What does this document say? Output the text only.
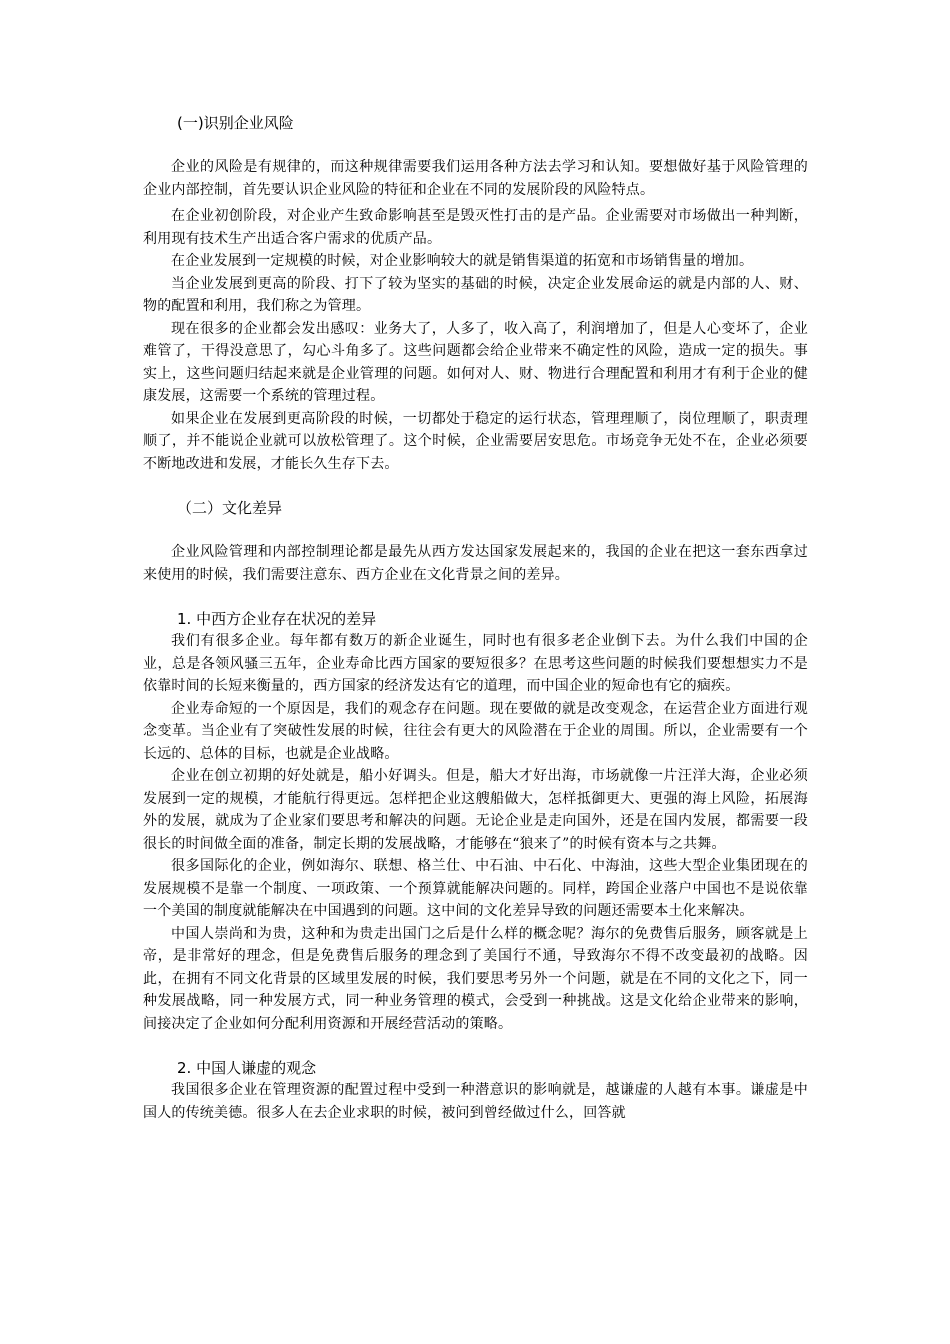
(一)识别企业风险

企业的风险是有规律的，而这种规律需要我们运用各种方法去学习和认知。要想做好基于风险管理的企业内部控制，首先要认识企业风险的特征和企业在不同的发展阶段的风险特点。

在企业初创阶段，对企业产生致命影响甚至是毁灭性打击的是产品。企业需要对市场做出一种判断，利用现有技术生产出适合客户需求的优质产品。

在企业发展到一定规模的时候，对企业影响较大的就是销售渠道的拓宽和市场销售量的增加。

当企业发展到更高的阶段、打下了较为坚实的基础的时候，决定企业发展命运的就是内部的人、财、物的配置和利用，我们称之为管理。

现在很多的企业都会发出感叹：业务大了，人多了，收入高了，利润增加了，但是人心变坏了，企业难管了，干得没意思了，勾心斗角多了。这些问题都会给企业带来不确定性的风险，造成一定的损失。事实上，这些问题归结起来就是企业管理的问题。如何对人、财、物进行合理配置和利用才有利于企业的健康发展，这需要一个系统的管理过程。

如果企业在发展到更高阶段的时候，一切都处于稳定的运行状态，管理理顺了，岗位理顺了，职责理顺了，并不能说企业就可以放松管理了。这个时候，企业需要居安思危。市场竞争无处不在，企业必须要不断地改进和发展，才能长久生存下去。

（二）文化差异

企业风险管理和内部控制理论都是最先从西方发达国家发展起来的，我国的企业在把这一套东西拿过来使用的时候，我们需要注意东、西方企业在文化背景之间的差异。

1. 中西方企业存在状况的差异

我们有很多企业。每年都有数万的新企业诞生，同时也有很多老企业倒下去。为什么我们中国的企业，总是各领风骚三五年，企业寿命比西方国家的要短很多？在思考这些问题的时候我们要想想实力不是依靠时间的长短来衡量的，西方国家的经济发达有它的道理，而中国企业的短命也有它的痼疾。

企业寿命短的一个原因是，我们的观念存在问题。现在要做的就是改变观念，在运营企业方面进行观念变革。当企业有了突破性发展的时候，往往会有更大的风险潜在于企业的周围。所以，企业需要有一个长远的、总体的目标，也就是企业战略。

企业在创立初期的好处就是，船小好调头。但是，船大才好出海，市场就像一片汪洋大海，企业必须发展到一定的规模，才能航行得更远。怎样把企业这艘船做大，怎样抵御更大、更强的海上风险，拓展海外的发展，就成为了企业家们要思考和解决的问题。无论企业是走向国外，还是在国内发展，都需要一段很长的时间做全面的准备，制定长期的发展战略，才能够在“狼来了”的时候有资本与之共舞。

很多国际化的企业，例如海尔、联想、格兰仕、中石油、中石化、中海油，这些大型企业集团现在的发展规模不是靠一个制度、一项政策、一个预算就能解决问题的。同样，跨国企业落户中国也不是说依靠一个美国的制度就能解决在中国遇到的问题。这中间的文化差异导致的问题还需要本土化来解决。

中国人崇尚和为贵，这种和为贵走出国门之后是什么样的概念呢？海尔的免费售后服务，顾客就是上帝，是非常好的理念，但是免费售后服务的理念到了美国行不通，导致海尔不得不改变最初的战略。因此，在拥有不同文化背景的区域里发展的时候，我们要思考另外一个问题，就是在不同的文化之下，同一种发展战略，同一种发展方式，同一种业务管理的模式，会受到一种挑战。这是文化给企业带来的影响，间接决定了企业如何分配利用资源和开展经营活动的策略。

2. 中国人谦虚的观念

我国很多企业在管理资源的配置过程中受到一种潜意识的影响就是，越谦虚的人越有本事。谦虚是中国人的传统美德。很多人在去企业求职的时候，被问到曾经做过什么，回答就
